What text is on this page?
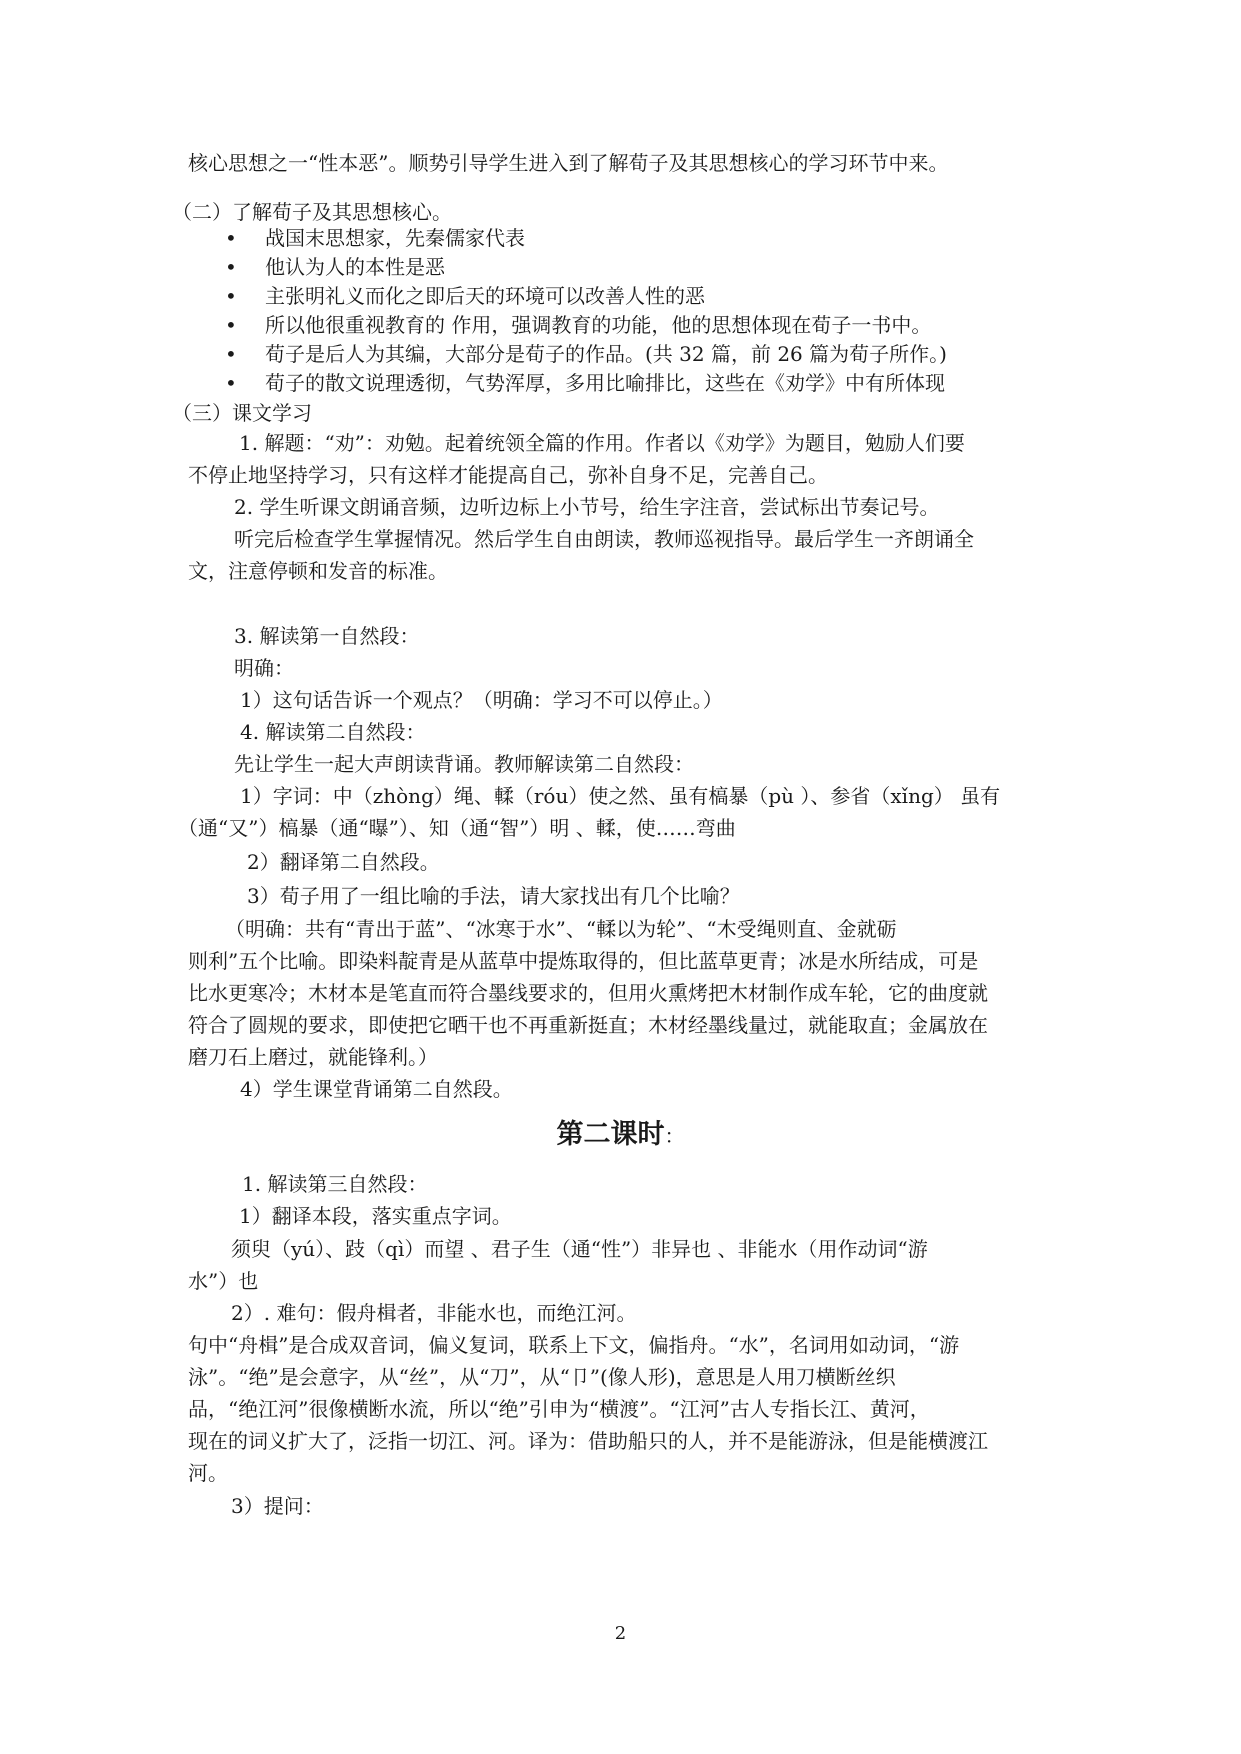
核心思想之一“性本恶”。顺势引导学生进入到了解荀子及其思想核心的学习环节中来。
（二）了解荀子及其思想核心。
• 战国末思想家，先秦儒家代表
• 他认为人的本性是恶
• 主张明礼义而化之即后天的环境可以改善人性的恶
• 所以他很重视教育的 作用，强调教育的功能，他的思想体现在荀子一书中。
• 荀子是后人为其编，大部分是荀子的作品。(共 32 篇，前 26 篇为荀子所作。)
• 荀子的散文说理透彻，气势浑厚，多用比喻排比，这些在《劝学》中有所体现
（三）课文学习
1. 解题：“劝”：劝勉。起着统领全篇的作用。作者以《劝学》为题目，勉励人们要
不停止地坚持学习，只有这样才能提高自己，弥补自身不足，完善自己。
2. 学生听课文朗诵音频，边听边标上小节号，给生字注音，尝试标出节奏记号。
听完后检查学生掌握情况。然后学生自由朗读，教师巡视指导。最后学生一齐朗诵全
文，注意停顿和发音的标准。
3. 解读第一自然段：
明确：
1）这句话告诉一个观点？（明确：学习不可以停止。）
4. 解读第二自然段：
先让学生一起大声朗读背诵。教师解读第二自然段：
1）字词：中（zhòng）绳、輮（róu）使之然、虽有槁暴（pù ）、参省（xǐng） 虽有
（通“又”）槁暴（通“曝”）、知（通“智”）明 、輮，使……弯曲
2）翻译第二自然段。
3）荀子用了一组比喻的手法，请大家找出有几个比喻？
（明确：共有“青出于蓝”、“冰寒于水”、“輮以为轮”、“木受绳则直、金就砺
则利”五个比喻。即染料靛青是从蓝草中提炼取得的，但比蓝草更青；冰是水所结成，可是
比水更寒冷；木材本是笔直而符合墨线要求的，但用火熏烤把木材制作成车轮，它的曲度就
符合了圆规的要求，即使把它晒干也不再重新挺直；木材经墨线量过，就能取直；金属放在
磨刀石上磨过，就能锋利。）
4）学生课堂背诵第二自然段。
第二课时：
1. 解读第三自然段：
1）翻译本段，落实重点字词。
须臾（yú）、跂（qì）而望 、君子生（通“性”）非异也 、非能水（用作动词“游
水”）也
2）. 难句：假舟楫者，非能水也，而绝江河。
句中“舟楫”是合成双音词，偏义复词，联系上下文，偏指舟。“水”，名词用如动词，“游
泳”。“绝”是会意字，从“丝”，从“刀”，从“卩”(像人形)，意思是人用刀横断丝织
品，“绝江河”很像横断水流，所以“绝”引申为“横渡”。“江河”古人专指长江、黄河，
现在的词义扩大了，泛指一切江、河。译为：借助船只的人，并不是能游泳，但是能横渡江
河。
3）提问：
2
